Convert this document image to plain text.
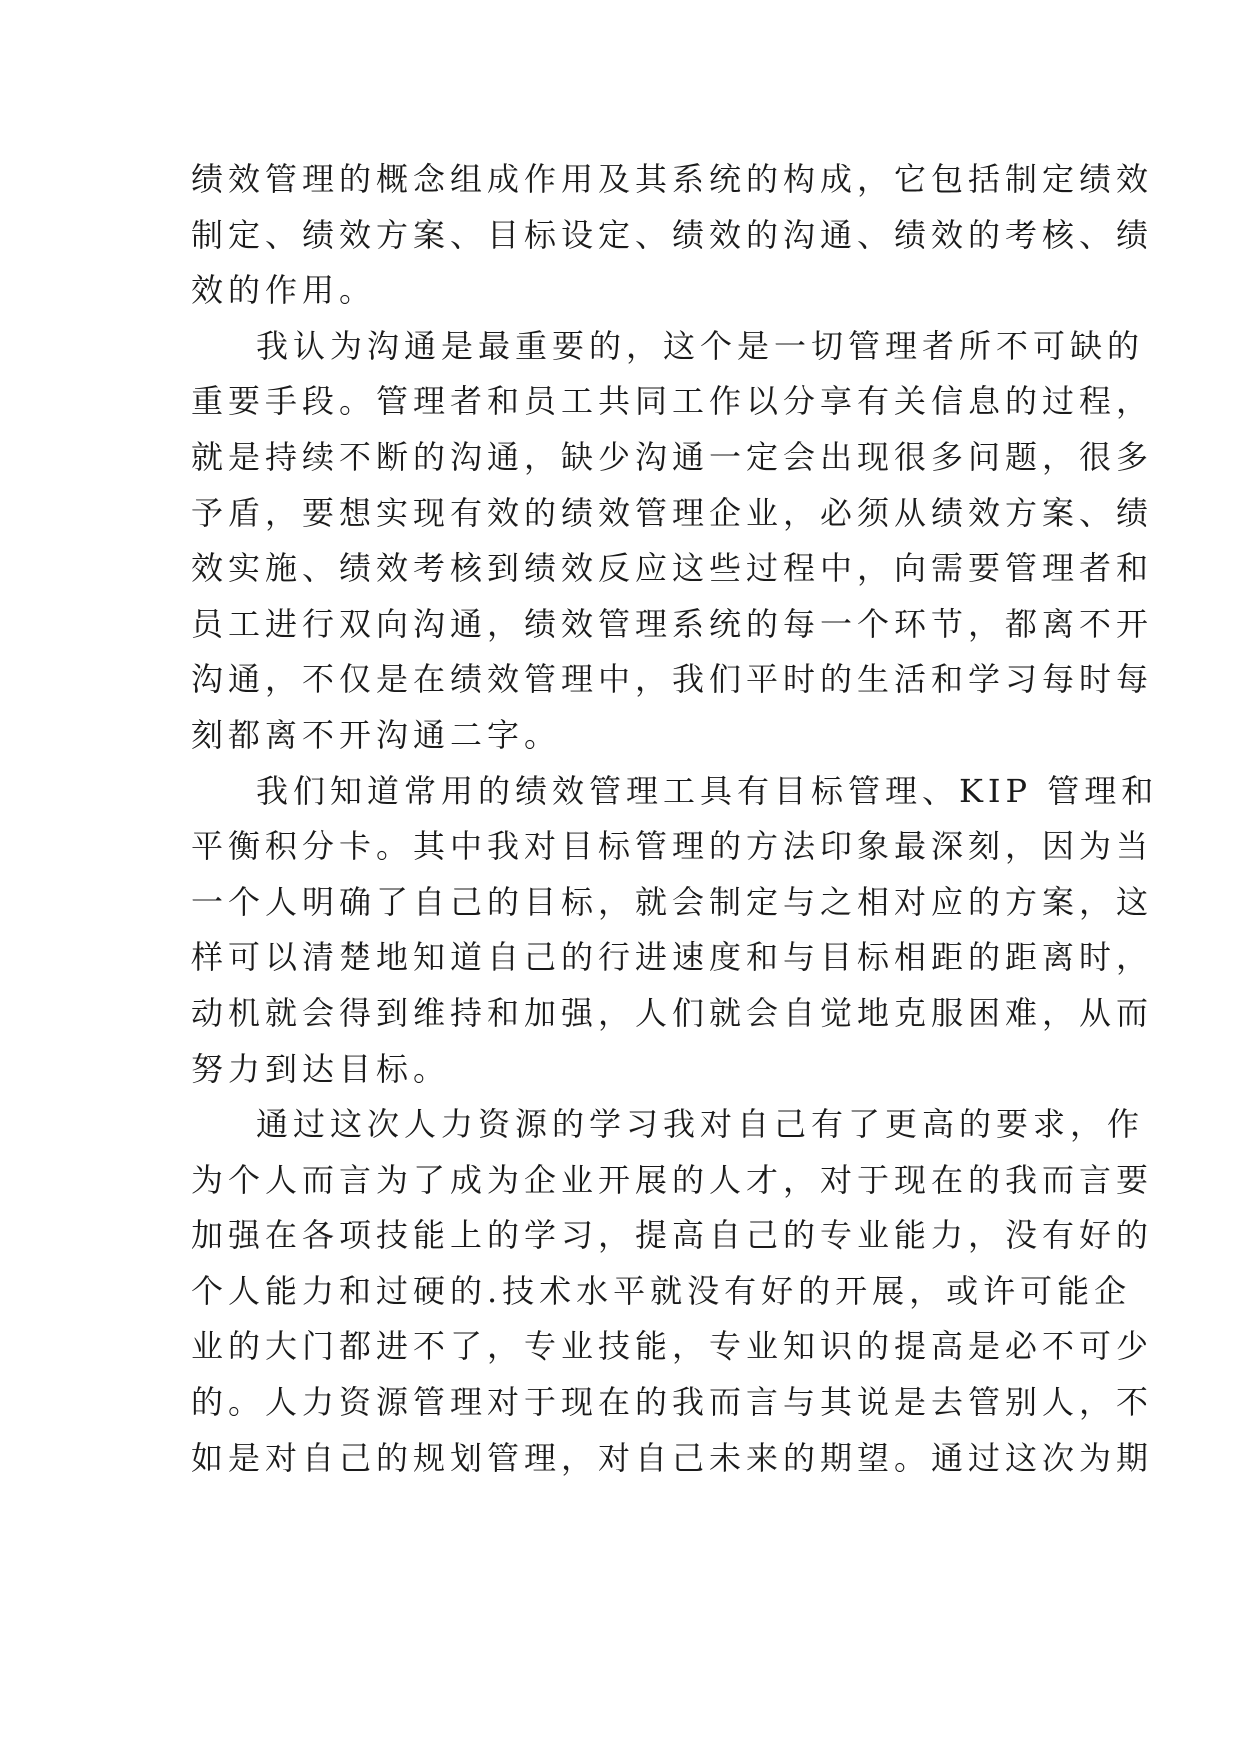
绩效管理的概念组成作用及其系统的构成，它包括制定绩效
制定、绩效方案、目标设定、绩效的沟通、绩效的考核、绩
效的作用。
我认为沟通是最重要的，这个是一切管理者所不可缺的
重要手段。管理者和员工共同工作以分享有关信息的过程，
就是持续不断的沟通，缺少沟通一定会出现很多问题，很多
予盾，要想实现有效的绩效管理企业，必须从绩效方案、绩
效实施、绩效考核到绩效反应这些过程中，向需要管理者和
员工进行双向沟通，绩效管理系统的每一个环节，都离不开
沟通，不仅是在绩效管理中，我们平时的生活和学习每时每
刻都离不开沟通二字。
我们知道常用的绩效管理工具有目标管理、KIP 管理和
平衡积分卡。其中我对目标管理的方法印象最深刻，因为当
一个人明确了自己的目标，就会制定与之相对应的方案，这
样可以清楚地知道自己的行进速度和与目标相距的距离时，
动机就会得到维持和加强，人们就会自觉地克服困难，从而
努力到达目标。
通过这次人力资源的学习我对自己有了更高的要求，作
为个人而言为了成为企业开展的人才，对于现在的我而言要
加强在各项技能上的学习，提高自己的专业能力，没有好的
个人能力和过硬的.技术水平就没有好的开展，或许可能企
业的大门都进不了，专业技能，专业知识的提高是必不可少
的。人力资源管理对于现在的我而言与其说是去管别人，不
如是对自己的规划管理，对自己未来的期望。通过这次为期
